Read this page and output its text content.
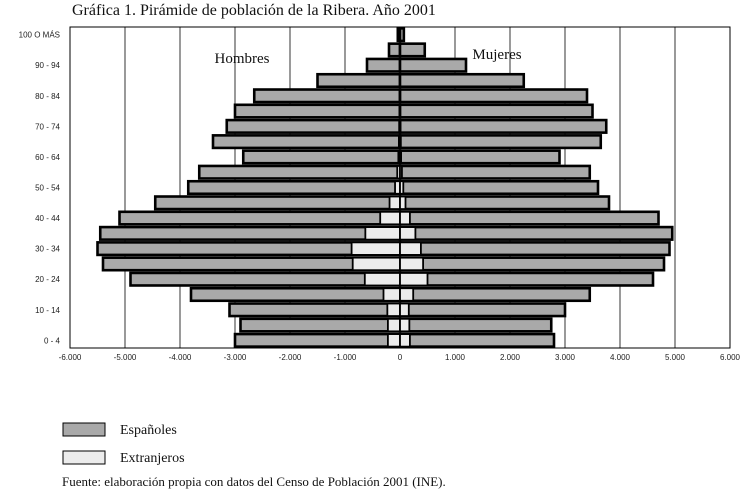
Gráfica 1. Pirámide de población de la Ribera. Año 2001
-6.000	-5.000	-4.000	-3.000	-2.000	-1.000	0	1.000	2.000	3.000	4.000	5.000	6.000
0 - 4
10 - 14
20 - 24
30 - 34
40 - 44
50 - 54
60 - 64
70 - 74
80 - 84
90 - 94
100 O MÁS
Hombres	Mujeres
Españoles
Extranjeros
Fuente: elaboración propia con datos del Censo de Población 2001 (INE).
